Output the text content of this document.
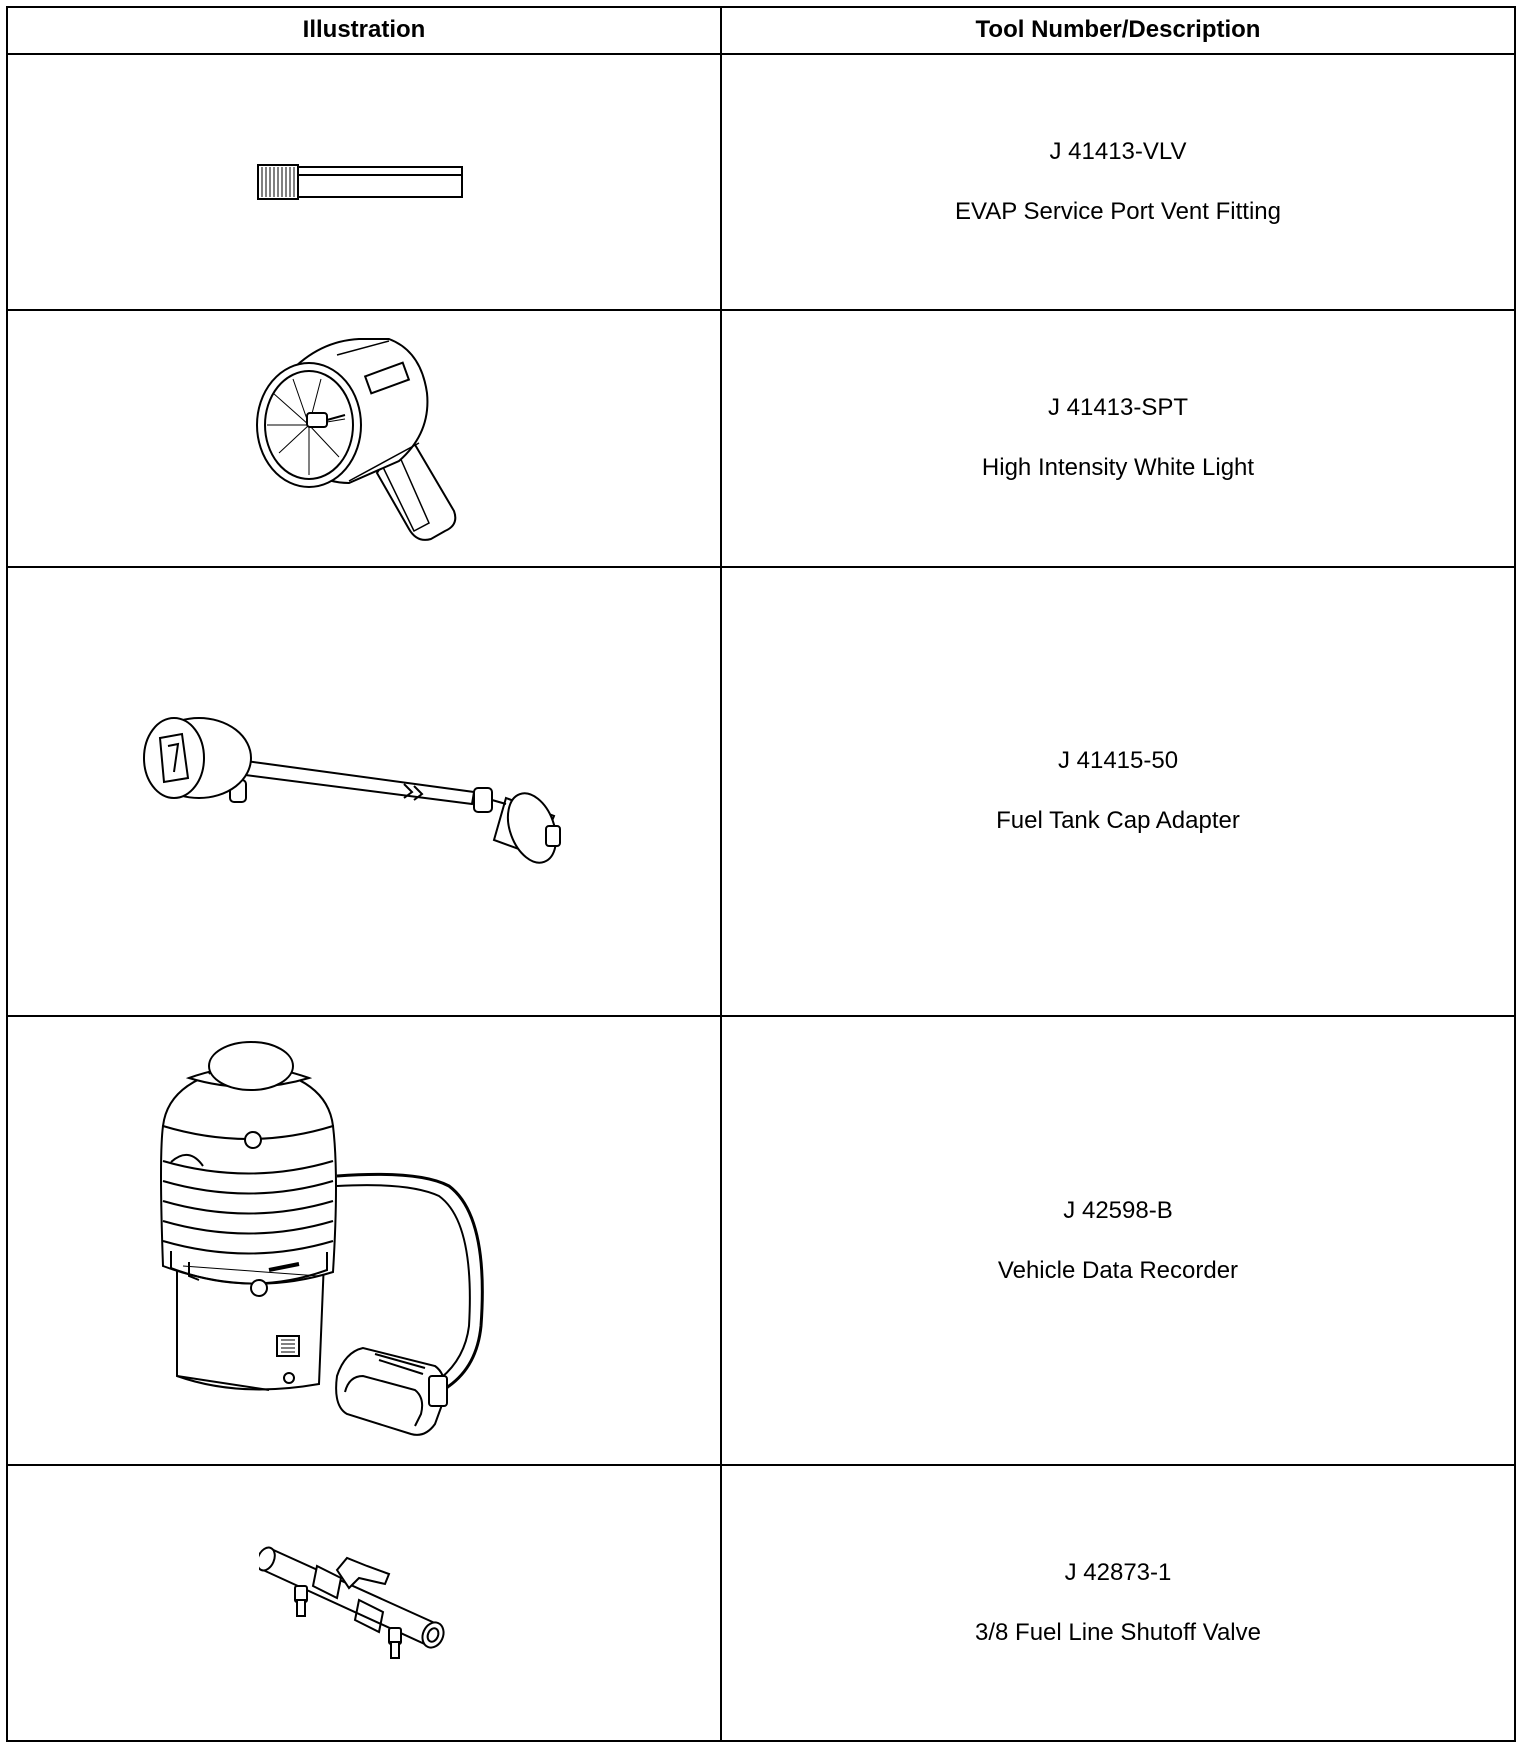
Illustration	Tool Number/Description

J 41413-VLV
EVAP Service Port Vent Fitting

J 41413-SPT
High Intensity White Light

J 41415-50
Fuel Tank Cap Adapter

J 42598-B
Vehicle Data Recorder

J 42873-1
3/8 Fuel Line Shutoff Valve
